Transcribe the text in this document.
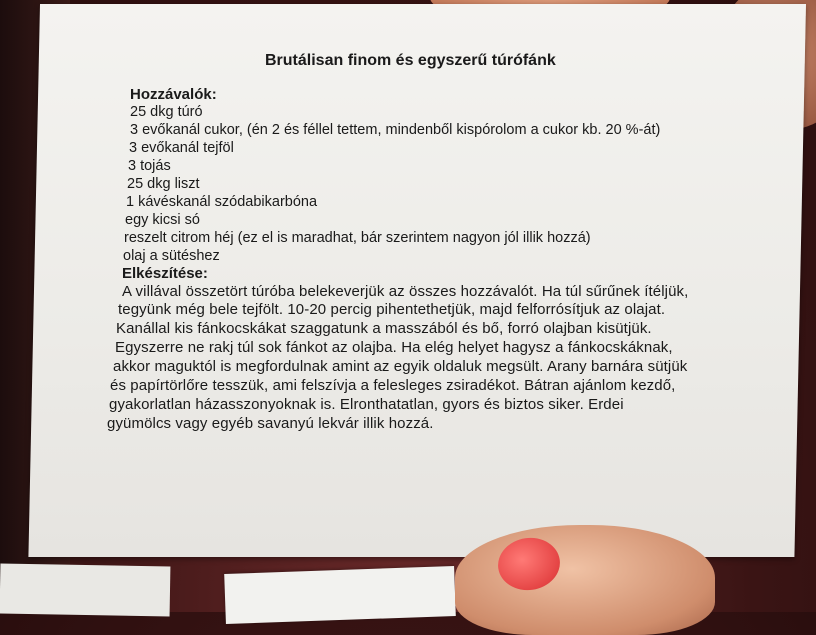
Brutálisan finom és egyszerű túrófánk
Hozzávalók:
25 dkg túró
3 evőkanál cukor, (én 2 és féllel tettem, mindenből kispórolom a cukor kb. 20 %-át)
3 evőkanál tejföl
3 tojás
25 dkg liszt
1 kávéskanál szódabikarbóna
egy kicsi só
reszelt citrom héj (ez el is maradhat, bár szerintem nagyon jól illik hozzá)
olaj a sütéshez
Elkészítése:
A villával összetört túróba belekeverjük az összes hozzávalót. Ha túl sűrűnek ítéljük,
tegyünk még bele tejfölt. 10-20 percig pihentethetjük, majd felforrósítjuk az olajat.
Kanállal kis fánkocskákat szaggatunk a masszából és bő, forró olajban kisütjük.
Egyszerre ne rakj túl sok fánkot az olajba. Ha elég helyet hagysz a fánkocskáknak,
akkor maguktól is megfordulnak amint az egyik oldaluk megsült. Arany barnára sütjük
és papírtörlőre tesszük, ami felszívja a felesleges zsiradékot. Bátran ajánlom kezdő,
gyakorlatlan házasszonyoknak is. Elronthatatlan, gyors és biztos siker. Erdei
gyümölcs vagy egyéb savanyú lekvár illik hozzá.
